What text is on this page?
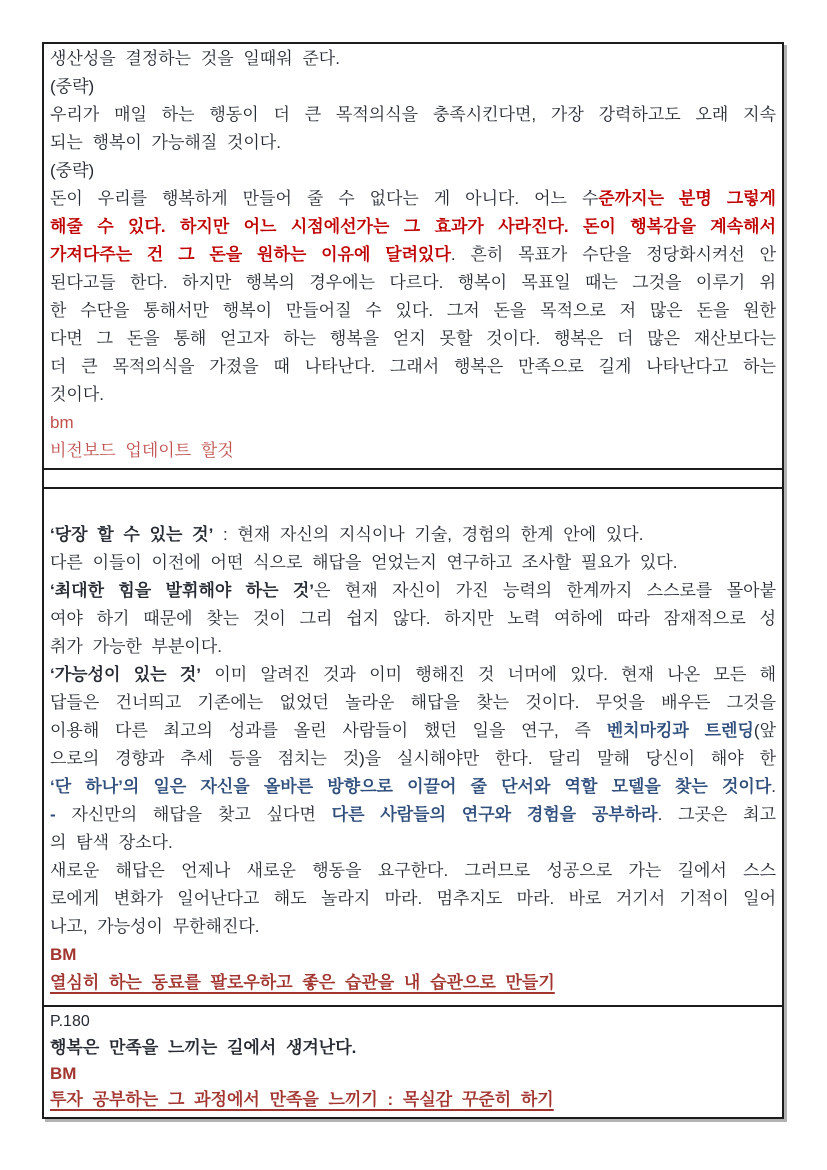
생산성을 결정하는 것을 일때워 준다.
(중략)
우리가 매일 하는 행동이 더 큰 목적의식을 충족시킨다면, 가장 강력하고도 오래 지속
되는 행복이 가능해질 것이다.
(중략)
돈이 우리를 행복하게 만들어 줄 수 없다는 게 아니다. 어느 수준까지는 분명 그렇게
해줄 수 있다. 하지만 어느 시점에선가는 그 효과가 사라진다. 돈이 행복감을 계속해서
가져다주는 건 그 돈을 원하는 이유에 달려있다. 흔히 목표가 수단을 정당화시켜선 안
된다고들 한다. 하지만 행복의 경우에는 다르다. 행복이 목표일 때는 그것을 이루기 위
한 수단을 통해서만 행복이 만들어질 수 있다. 그저 돈을 목적으로 저 많은 돈을 원한
다면 그 돈을 통해 얻고자 하는 행복을 얻지 못할 것이다. 행복은 더 많은 재산보다는
더 큰 목적의식을 가졌을 때 나타난다. 그래서 행복은 만족으로 길게 나타난다고 하는
것이다.
bm
비전보드 업데이트 할것
‘당장 할 수 있는 것’ : 현재 자신의 지식이나 기술, 경험의 한계 안에 있다.
다른 이들이 이전에 어떤 식으로 해답을 얻었는지 연구하고 조사할 필요가 있다.
‘최대한 힘을 발휘해야 하는 것’은 현재 자신이 가진 능력의 한계까지 스스로를 몰아붙
여야 하기 때문에 찾는 것이 그리 쉽지 않다. 하지만 노력 여하에 따라 잠재적으로 성
취가 가능한 부분이다.
‘가능성이 있는 것’ 이미 알려진 것과 이미 행해진 것 너머에 있다. 현재 나온 모든 해
답들은 건너띄고 기존에는 없었던 놀라운 해답을 찾는 것이다. 무엇을 배우든 그것을
이용해 다른 최고의 성과를 올린 사람들이 했던 일을 연구, 즉 벤치마킹과 트렌딩(앞
으로의 경향과 추세 등을 점치는 것)을 실시해야만 한다. 달리 말해 당신이 해야 한
‘단 하나’의 일은 자신을 올바른 방향으로 이끌어 줄 단서와 역할 모델을 찾는 것이다.
- 자신만의 해답을 찾고 싶다면 다른 사람들의 연구와 경험을 공부하라. 그곳은 최고
의 탐색 장소다.
새로운 해답은 언제나 새로운 행동을 요구한다. 그러므로 성공으로 가는 길에서 스스
로에게 변화가 일어난다고 해도 놀라지 마라. 멈추지도 마라. 바로 거기서 기적이 일어
나고, 가능성이 무한해진다.
BM
열심히 하는 동료를 팔로우하고 좋은 습관을 내 습관으로 만들기
P.180
행복은 만족을 느끼는 길에서 생겨난다.
BM
투자 공부하는 그 과정에서 만족을 느끼기 : 목실감 꾸준히 하기
